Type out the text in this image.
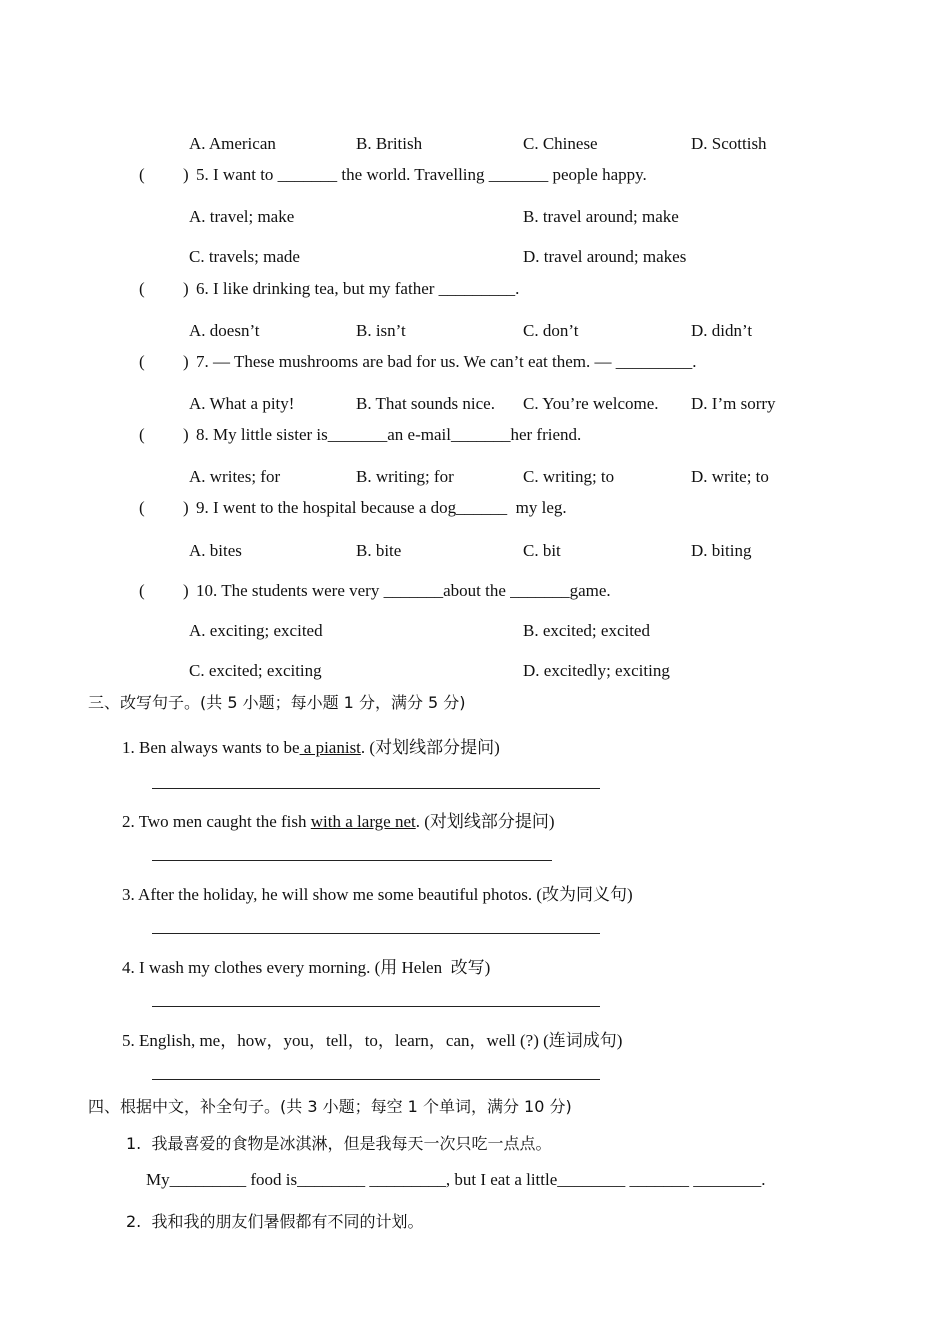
A. American	B. British	C. Chinese	D. Scottish
( ) 5. I want to _______ the world. Travelling _______ people happy.
A. travel; make	B. travel around; make
C. travels; made	D. travel around; makes
( ) 6. I like drinking tea, but my father _________.
A. doesn’t	B. isn’t	C. don’t	D. didn’t
( ) 7. — These mushrooms are bad for us. We can’t eat them. — _________.
A. What a pity!	B. That sounds nice. C. You’re welcome. D. I’m sorry
( ) 8. My little sister is_______an e-mail_______her friend.
A. writes; for	B. writing; for	C. writing; to	D. write; to
( ) 9. I went to the hospital because a dog______  my leg.
A. bites	B. bite	C. bit	D. biting
( ) 10. The students were very _______about the _______game.
A. exciting; excited	B. excited; excited
C. excited; exciting	D. excitedly; exciting
三、改写句子。(共 5 小题；每小题 1 分，满分 5 分)
1. Ben always wants to be a pianist. (对划线部分提问)
2. Two men caught the fish with a large net. (对划线部分提问)
3. After the holiday, he will show me some beautiful photos. (改为同义句)
4. I wash my clothes every morning. (用 Helen  改写)
5. English, me，how，you，tell，to，learn，can，well (?) (连词成句)
四、根据中文，补全句子。(共 3 小题；每空 1 个单词，满分 10 分)
1.  我最喜爱的食物是冰淇淋，但是我每天一次只吃一点点。
My_________ food is________ _________, but I eat a little________ _______ ________.
2.  我和我的朋友们暑假都有不同的计划。
